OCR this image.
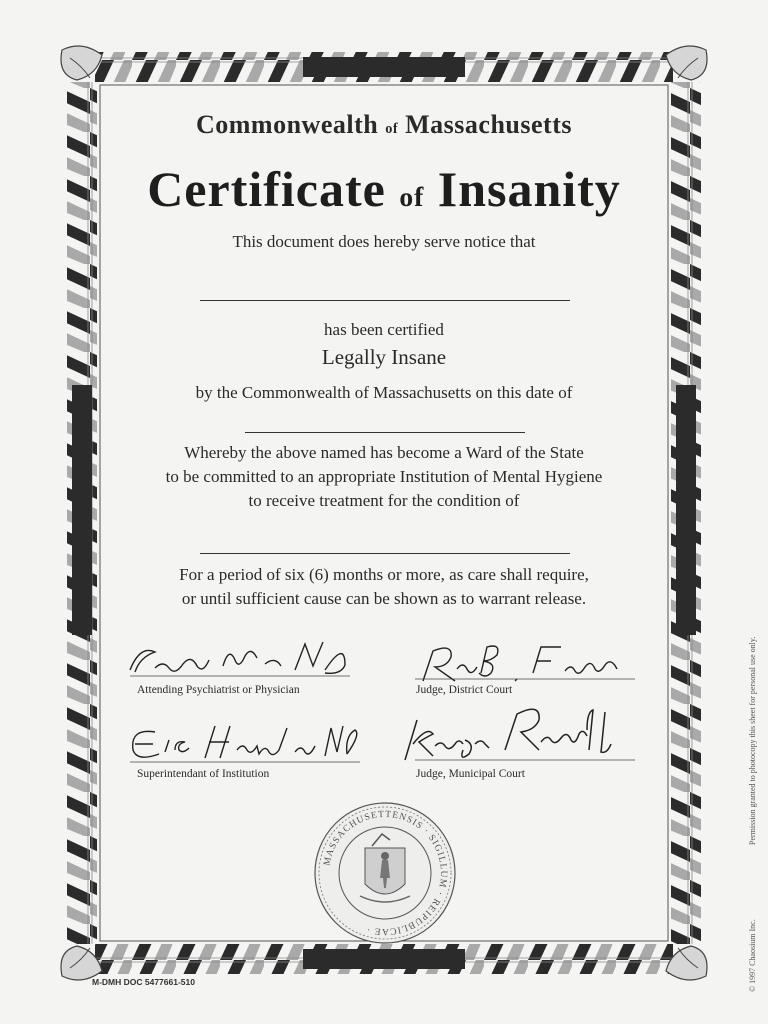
Commonwealth of Massachusetts
Certificate of Insanity
This document does hereby serve notice that
has been certified
Legally Insane
by the Commonwealth of Massachusetts on this date of
Whereby the above named has become a Ward of the State
to be committed to an appropriate Institution of Mental Hygiene
to receive treatment for the condition of
For a period of six (6) months or more, as care shall require,
or until sufficient cause can be shown as to warrant release.
Attending Psychiatrist or Physician	Judge, District Court
Superintendant of Institution	Judge, Municipal Court
MASSACHUSETTENSIS · SIGILLUM · REIPUBLICAE ·
M-DMH DOC 5477661-510	© 1997 Chaosium Inc.
Permission granted to photocopy this sheet for personal use only.
